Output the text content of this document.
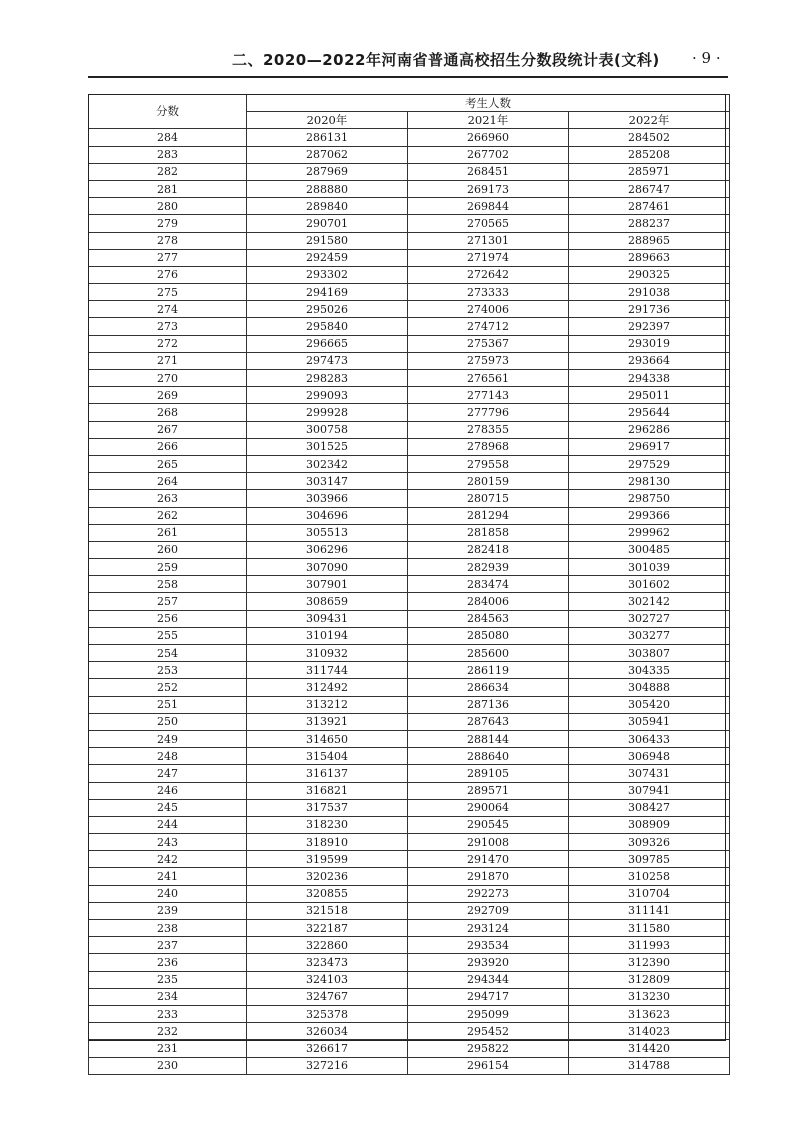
二、2020—2022年河南省普通高校招生分数段统计表(文科) · 9 ·
分数	考生人数		
	2020年	2021年	2022年
284	286131	266960	284502
283	287062	267702	285208
282	287969	268451	285971
281	288880	269173	286747
280	289840	269844	287461
279	290701	270565	288237
278	291580	271301	288965
277	292459	271974	289663
276	293302	272642	290325
275	294169	273333	291038
274	295026	274006	291736
273	295840	274712	292397
272	296665	275367	293019
271	297473	275973	293664
270	298283	276561	294338
269	299093	277143	295011
268	299928	277796	295644
267	300758	278355	296286
266	301525	278968	296917
265	302342	279558	297529
264	303147	280159	298130
263	303966	280715	298750
262	304696	281294	299366
261	305513	281858	299962
260	306296	282418	300485
259	307090	282939	301039
258	307901	283474	301602
257	308659	284006	302142
256	309431	284563	302727
255	310194	285080	303277
254	310932	285600	303807
253	311744	286119	304335
252	312492	286634	304888
251	313212	287136	305420
250	313921	287643	305941
249	314650	288144	306433
248	315404	288640	306948
247	316137	289105	307431
246	316821	289571	307941
245	317537	290064	308427
244	318230	290545	308909
243	318910	291008	309326
242	319599	291470	309785
241	320236	291870	310258
240	320855	292273	310704
239	321518	292709	311141
238	322187	293124	311580
237	322860	293534	311993
236	323473	293920	312390
235	324103	294344	312809
234	324767	294717	313230
233	325378	295099	313623
232	326034	295452	314023
231	326617	295822	314420
230	327216	296154	314788
